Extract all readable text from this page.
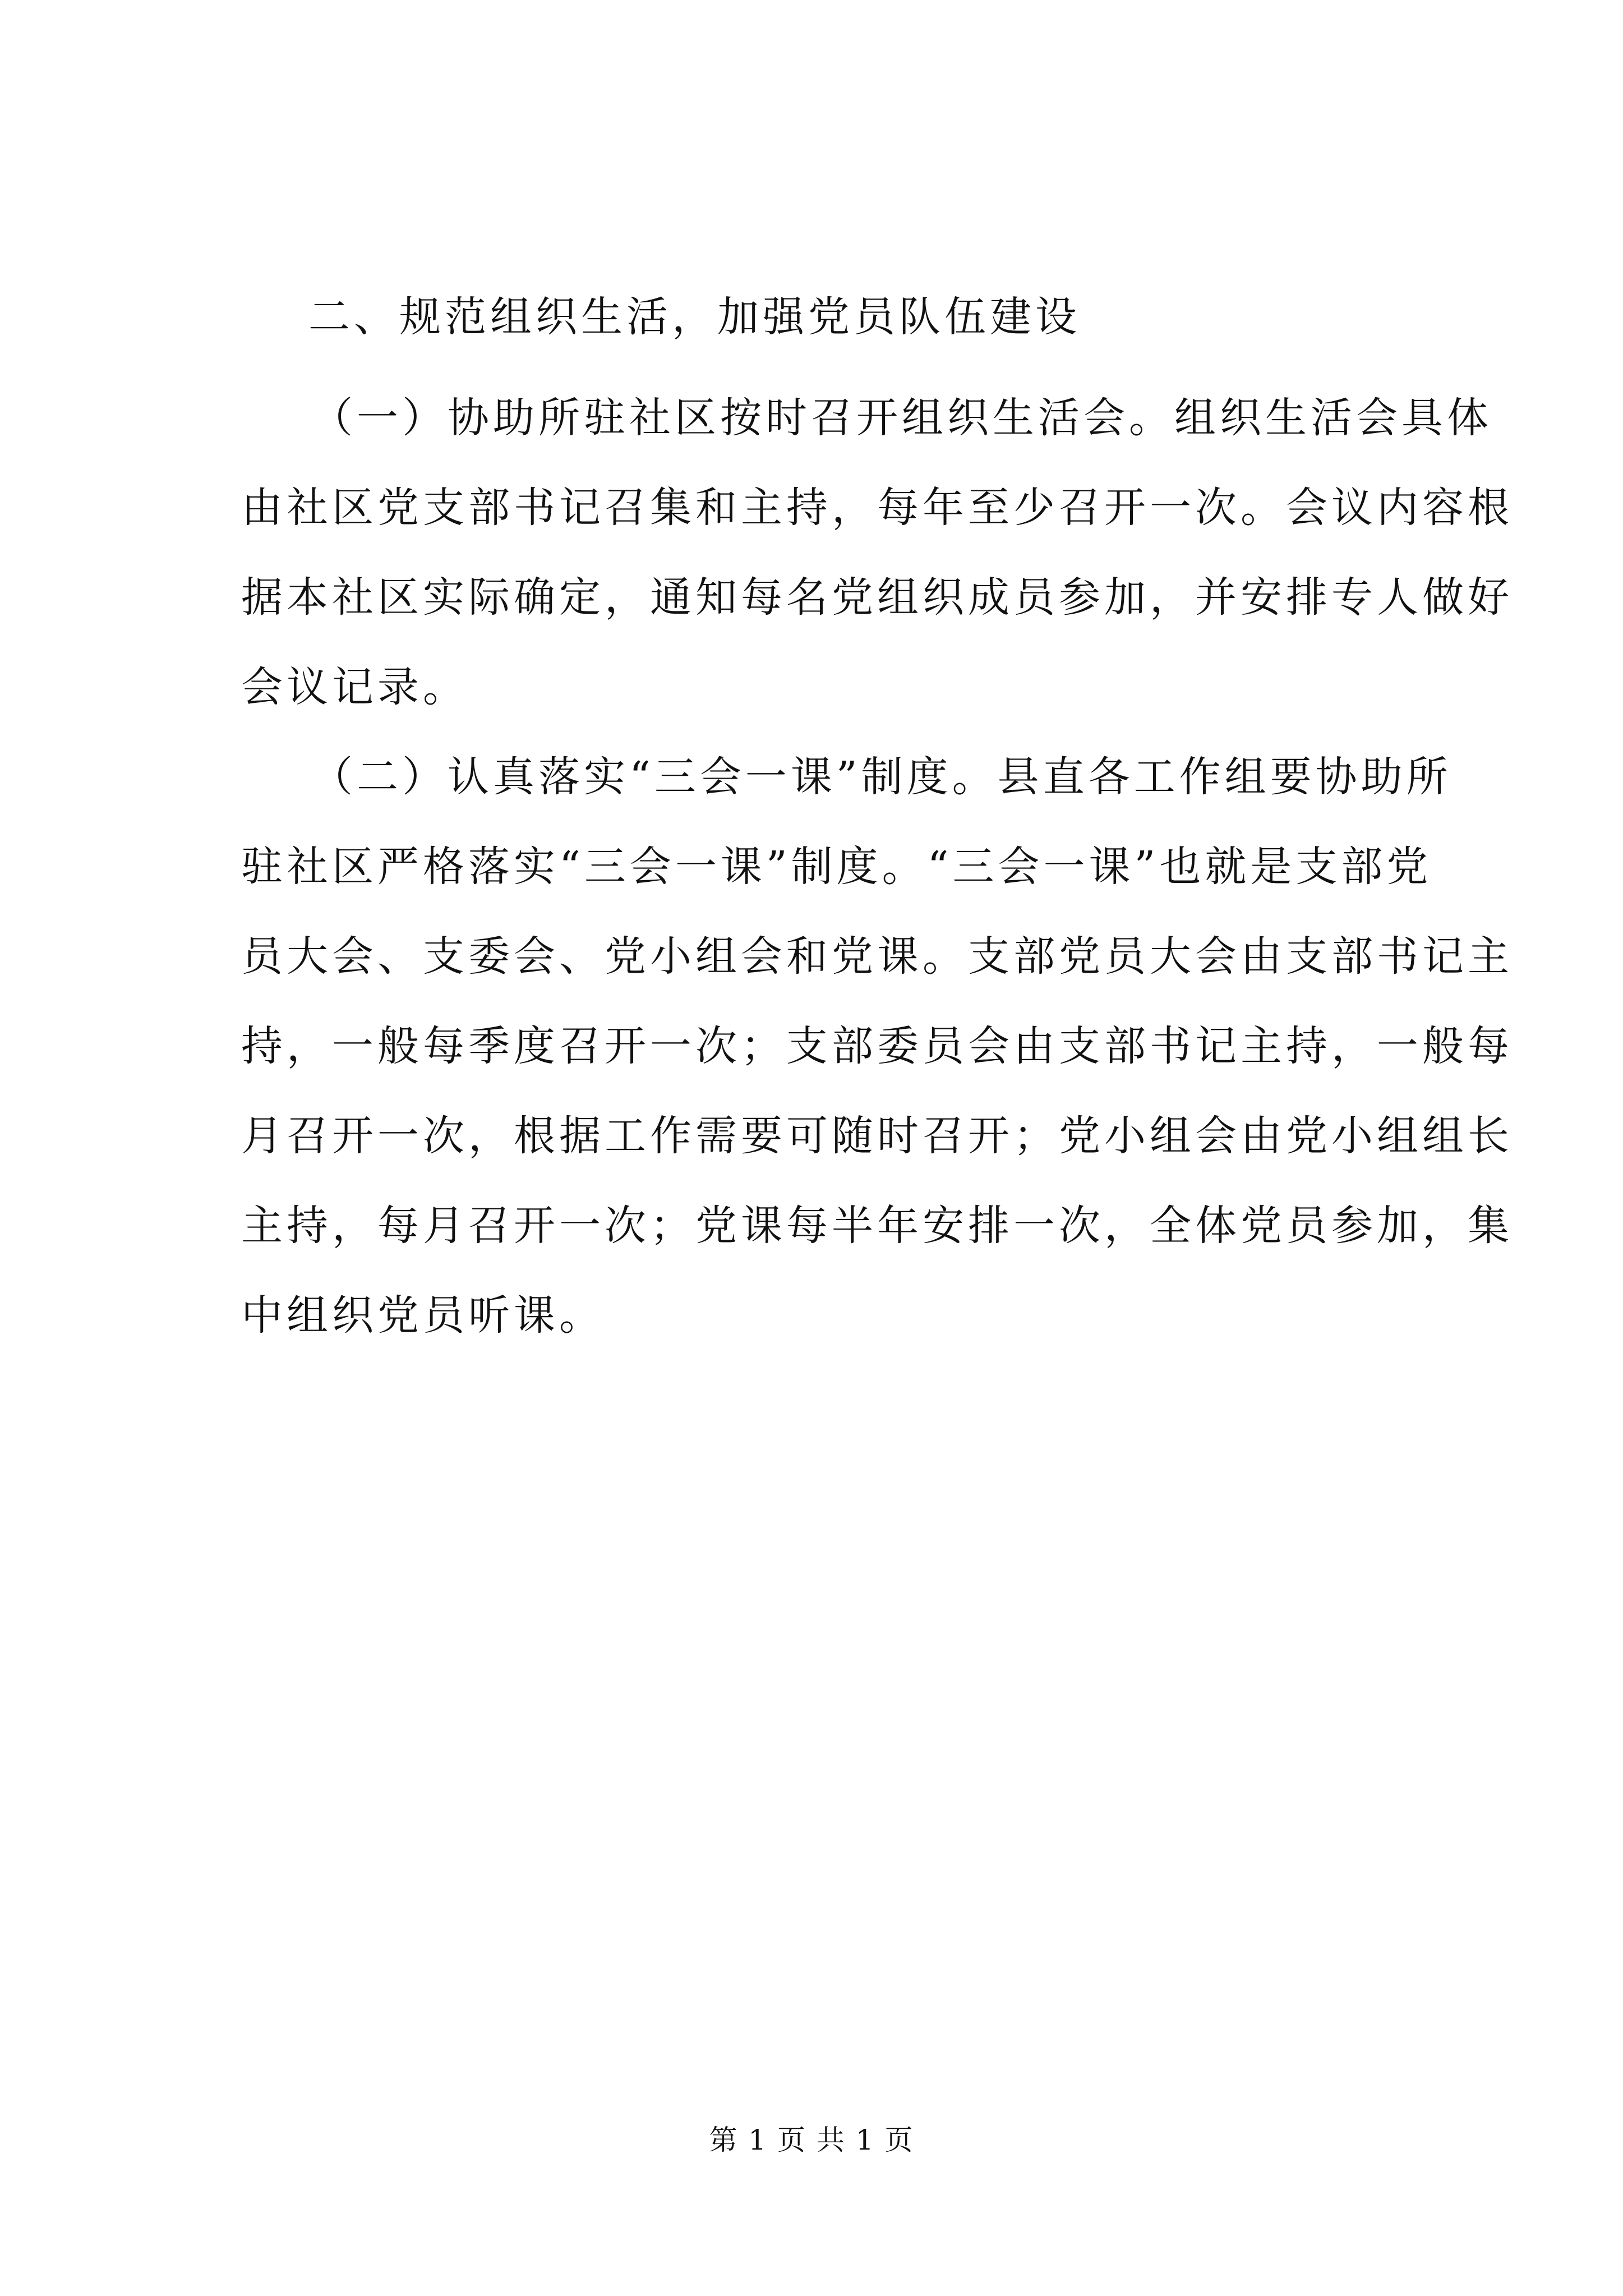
二、规范组织生活，加强党员队伍建设
（一）协助所驻社区按时召开组织生活会。组织生活会具体
由社区党支部书记召集和主持，每年至少召开一次。会议内容根
据本社区实际确定，通知每名党组织成员参加，并安排专人做好
会议记录。
（二）认真落实“三会一课”制度。县直各工作组要协助所
驻社区严格落实“三会一课”制度。“三会一课”也就是支部党
员大会、支委会、党小组会和党课。支部党员大会由支部书记主
持，一般每季度召开一次；支部委员会由支部书记主持，一般每
月召开一次，根据工作需要可随时召开；党小组会由党小组组长
主持，每月召开一次；党课每半年安排一次，全体党员参加，集
中组织党员听课。
第 1 页 共 1 页
